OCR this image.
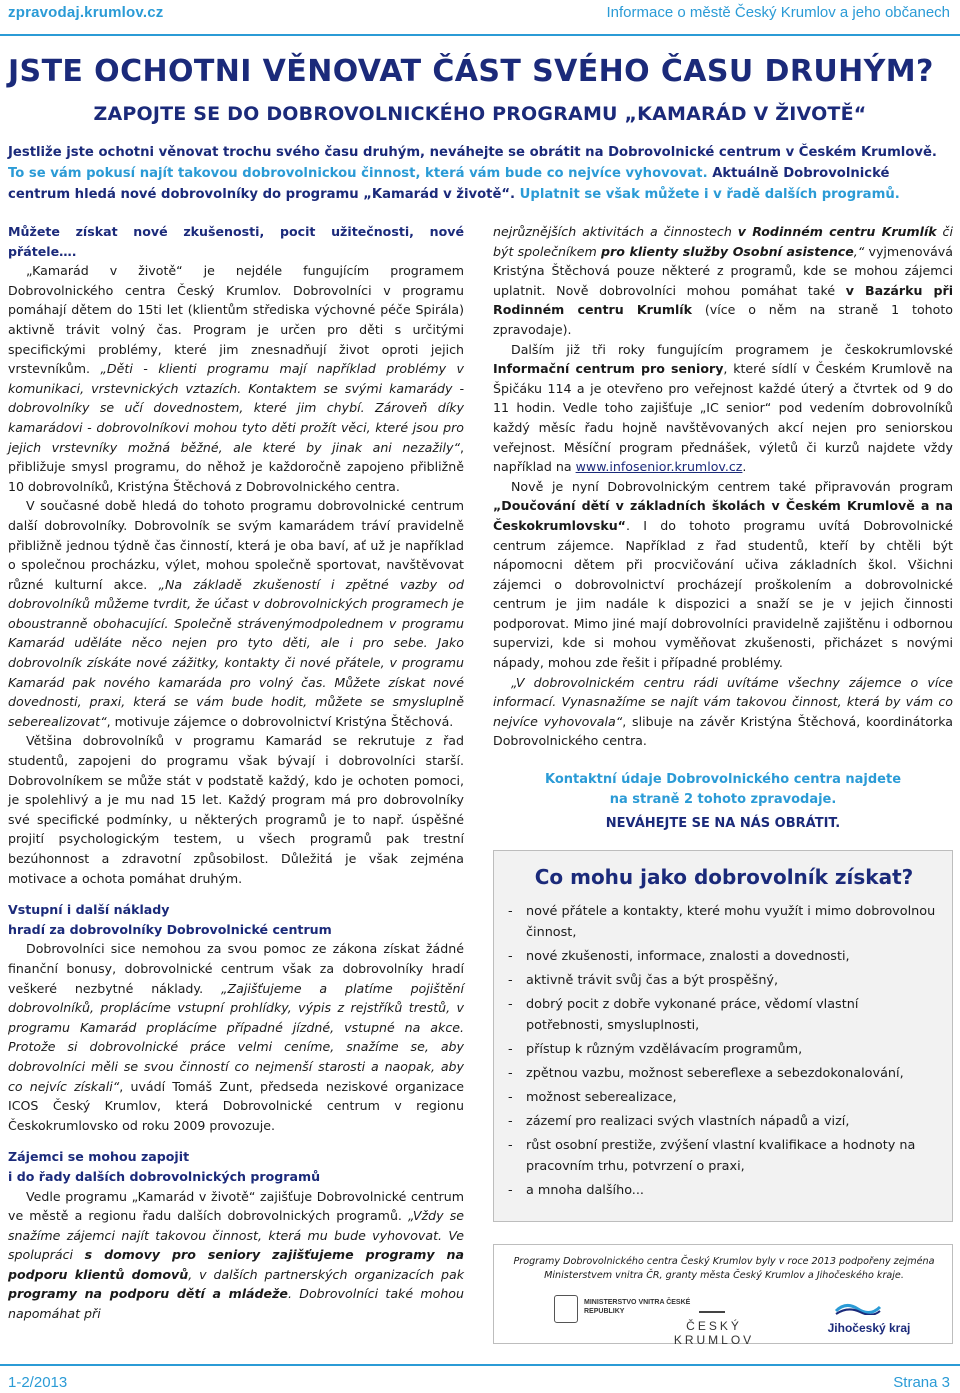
zpravodaj.krumlov.cz	Informace o městě Český Krumlov a jeho občanech
JSTE OCHOTNI VĚNOVAT ČÁST SVÉHO ČASU DRUHÝM?
ZAPOJTE SE DO DOBROVOLNICKÉHO PROGRAMU „KAMARÁD V ŽIVOTĚ“
Jestliže jste ochotni věnovat trochu svého času druhým, neváhejte se obrátit na Dobrovolnické centrum v Českém Krumlově. To se vám pokusí najít takovou dobrovolnickou činnost, která vám bude co nejvíce vyhovovat. Aktuálně Dobrovolnické centrum hledá nové dobrovolníky do programu „Kamarád v životě“. Uplatnit se však můžete i v řadě dalších programů.

Můžete získat nové zkušenosti, pocit užitečnosti, nové přátele….

„Kamarád v životě“ je nejdéle fungujícím programem Dobrovolnického centra Český Krumlov. Dobrovolníci v programu pomáhají dětem do 15ti let (klientům střediska výchovné péče Spirála) aktivně trávit volný čas. Program je určen pro děti s určitými specifickými problémy, které jim znesnadňují život oproti jejich vrstevníkům. „Děti - klienti programu mají například problémy v komunikaci, vrstevnických vztazích. Kontaktem se svými kamarády - dobrovolníky se učí dovednostem, které jim chybí. Zároveň díky kamarádovi - dobrovolníkovi mohou tyto děti prožít věci, které jsou pro jejich vrstevníky možná běžné, ale které by jinak ani nezažily“, přibližuje smysl programu, do něhož je každoročně zapojeno přibližně 10 dobrovolníků, Kristýna Štěchová z Dobrovolnického centra.

V současné době hledá do tohoto programu dobrovolnické centrum další dobrovolníky. Dobrovolník se svým kamarádem tráví pravidelně přibližně jednou týdně čas činností, která je oba baví, ať už je například o společnou procházku, výlet, mohou společně sportovat, navštěvovat různé kulturní akce. „Na základě zkušeností i zpětné vazby od dobrovolníků můžeme tvrdit, že účast v dobrovolnických programech je oboustranně obohacující. Společně strávenýmodpolednem v programu Kamarád uděláte něco nejen pro tyto děti, ale i pro sebe. Jako dobrovolník získáte nové zážitky, kontakty či nové přátele, v programu Kamarád pak nového kamaráda pro volný čas. Můžete získat nové dovednosti, praxi, která se vám bude hodit, můžete se smysluplně seberealizovat“, motivuje zájemce o dobrovolnictví Kristýna Štěchová.

Většina dobrovolníků v programu Kamarád se rekrutuje z řad studentů, zapojeni do programu však bývají i dobrovolníci starší. Dobrovolníkem se může stát v podstatě každý, kdo je ochoten pomoci, je spolehlivý a je mu nad 15 let. Každý program má pro dobrovolníky své specifické podmínky, u některých programů je to např. úspěšné projití psychologickým testem, u všech programů pak trestní bezúhonnost a zdravotní způsobilost. Důležitá je však zejména motivace a ochota pomáhat druhým.

Vstupní i další náklady

hradí za dobrovolníky Dobrovolnické centrum

Dobrovolníci sice nemohou za svou pomoc ze zákona získat žádné finanční bonusy, dobrovolnické centrum však za dobrovolníky hradí veškeré nezbytné náklady. „Zajišťujeme a platíme pojištění dobrovolníků, proplácíme vstupní prohlídky, výpis z rejstříků trestů, v programu Kamarád proplácíme případné jízdné, vstupné na akce. Protože si dobrovolnické práce velmi ceníme, snažíme se, aby dobrovolníci měli se svou činností co nejmenší starosti a naopak, aby co nejvíc získali“, uvádí Tomáš Zunt, předseda neziskové organizace ICOS Český Krumlov, která Dobrovolnické centrum v regionu Českokrumlovsko od roku 2009 provozuje.

Zájemci se mohou zapojit

i do řady dalších dobrovolnických programů

Vedle programu „Kamarád v životě“ zajišťuje Dobrovolnické centrum ve městě a regionu řadu dalších dobrovolnických programů. „Vždy se snažíme zájemci najít takovou činnost, která mu bude vyhovovat. Ve spolupráci s domovy pro seniory zajišťujeme programy na podporu klientů domovů, v dalších partnerských organizacích pak programy na podporu dětí a mládeže. Dobrovolníci také mohou napomáhat při

nejrůznějších aktivitách a činnostech v Rodinném centru Krumlík či být společníkem pro klienty služby Osobní asistence,“ vyjmenovává Kristýna Štěchová pouze některé z programů, kde se mohou zájemci uplatnit. Nově dobrovolníci mohou pomáhat také v Bazárku při Rodinném centru Krumlík (více o něm na straně 1 tohoto zpravodaje).

Dalším již tři roky fungujícím programem je českokrumlovské Informační centrum pro seniory, které sídlí v Českém Krumlově na Špičáku 114 a je otevřeno pro veřejnost každé úterý a čtvrtek od 9 do 11 hodin. Vedle toho zajišťuje „IC senior“ pod vedením dobrovolníků každý měsíc řadu hojně navštěvovaných akcí nejen pro seniorskou veřejnost. Měsíční program přednášek, výletů či kurzů najdete vždy například na www.infosenior.krumlov.cz.

Nově je nyní Dobrovolnickým centrem také připravován program „Doučování dětí v základních školách v Českém Krumlově a na Českokrumlovsku“. I do tohoto programu uvítá Dobrovolnické centrum zájemce. Například z řad studentů, kteří by chtěli být nápomocni dětem při procvičování učiva základních škol. Všichni zájemci o dobrovolnictví procházejí proškolením a dobrovolnické centrum je jim nadále k dispozici a snaží se je v jejich činnosti podporovat. Mimo jiné mají dobrovolníci pravidelně zajištěnu i odbornou supervizi, kde si mohou vyměňovat zkušenosti, přicházet s novými nápady, mohou zde řešit i případné problémy.

„V dobrovolnickém centru rádi uvítáme všechny zájemce o více informací. Vynasnažíme se najít vám takovou činnost, která by vám co nejvíce vyhovovala“, slibuje na závěr Kristýna Štěchová, koordinátorka Dobrovolnického centra.

Kontaktní údaje Dobrovolnického centra najdete
na straně 2 tohoto zpravodaje.
NEVÁHEJTE SE NA NÁS OBRÁTIT.
Co mohu jako dobrovolník získat?
- nové přátele a kontakty, které mohu využít i mimo dobrovolnou činnost,
- nové zkušenosti, informace, znalosti a dovednosti,
- aktivně trávit svůj čas a být prospěšný,
- dobrý pocit z dobře vykonané práce, vědomí vlastní potřebnosti, smysluplnosti,
- přístup k různým vzdělávacím programům,
- zpětnou vazbu, možnost sebereflexe a sebezdokonalování,
- možnost seberealizace,
- zázemí pro realizaci svých vlastních nápadů a vizí,
- růst osobní prestiže, zvýšení vlastní kvalifikace a hodnoty na pracovním trhu, potvrzení o praxi,
- a mnoha dalšího...
Programy Dobrovolnického centra Český Krumlov byly v roce 2013 podpořeny zejména Ministerstvem vnitra ČR, granty města Český Krumlov a Jihočeského kraje.
MINISTERSTVO VNITRA ČESKÉ REPUBLIKY
ČESKÝ KRUMLOV
Jihočeský kraj
1-2/2013	Strana 3
